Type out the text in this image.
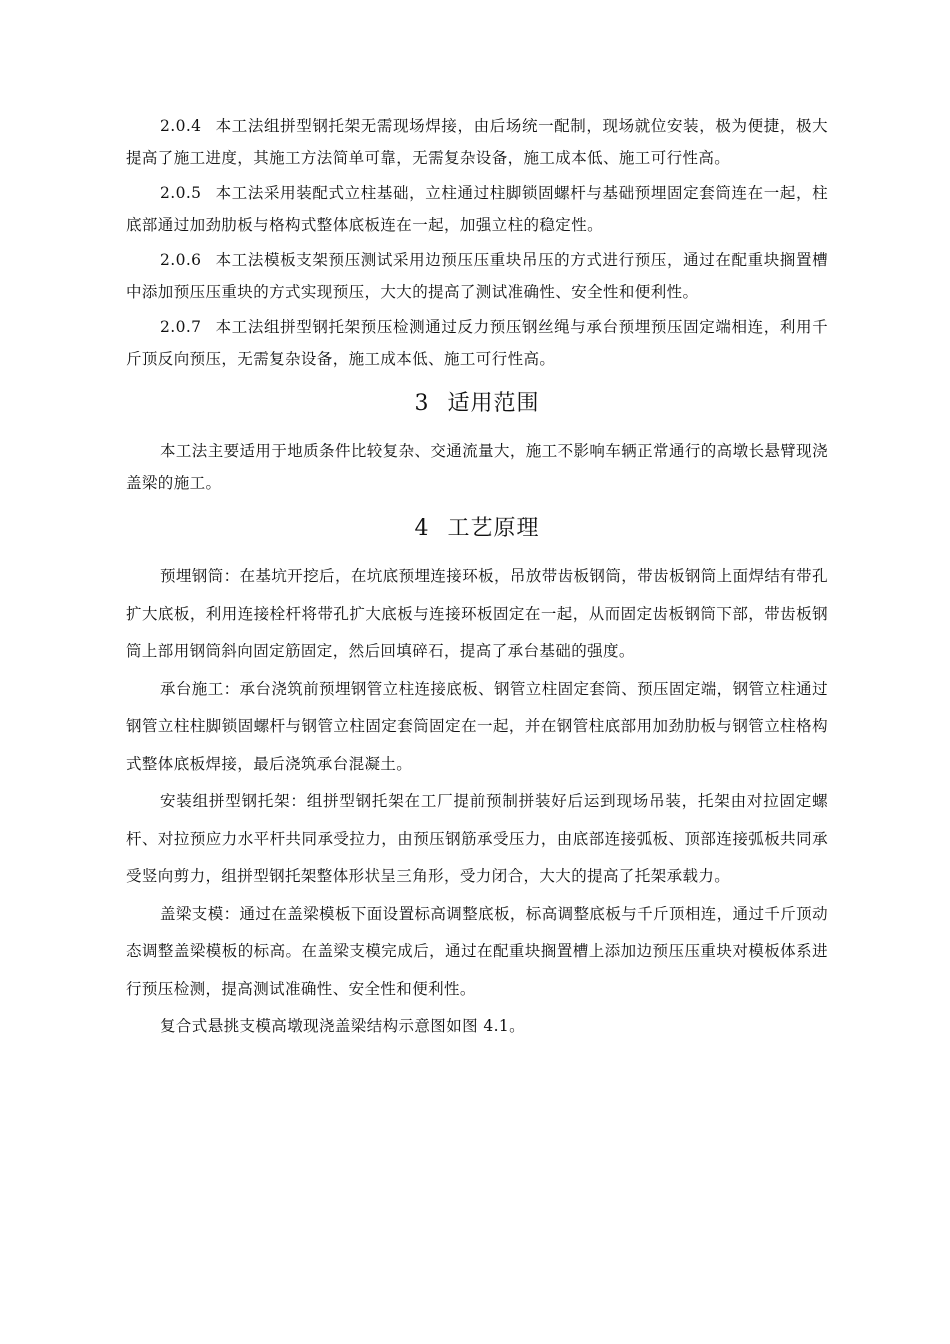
2.0.4 本工法组拼型钢托架无需现场焊接，由后场统一配制，现场就位安装，极为便捷，极大提高了施工进度，其施工方法简单可靠，无需复杂设备，施工成本低、施工可行性高。

2.0.5 本工法采用装配式立柱基础，立柱通过柱脚锁固螺杆与基础预埋固定套筒连在一起，柱底部通过加劲肋板与格构式整体底板连在一起，加强立柱的稳定性。

2.0.6 本工法模板支架预压测试采用边预压压重块吊压的方式进行预压，通过在配重块搁置槽中添加预压压重块的方式实现预压，大大的提高了测试准确性、安全性和便利性。

2.0.7 本工法组拼型钢托架预压检测通过反力预压钢丝绳与承台预埋预压固定端相连，利用千斤顶反向预压，无需复杂设备，施工成本低、施工可行性高。

3 适用范围

本工法主要适用于地质条件比较复杂、交通流量大，施工不影响车辆正常通行的高墩长悬臂现浇盖梁的施工。

4 工艺原理

预埋钢筒：在基坑开挖后，在坑底预埋连接环板，吊放带齿板钢筒，带齿板钢筒上面焊结有带孔扩大底板，利用连接栓杆将带孔扩大底板与连接环板固定在一起，从而固定齿板钢筒下部，带齿板钢筒上部用钢筒斜向固定筋固定，然后回填碎石，提高了承台基础的强度。

承台施工：承台浇筑前预埋钢管立柱连接底板、钢管立柱固定套筒、预压固定端，钢管立柱通过钢管立柱柱脚锁固螺杆与钢管立柱固定套筒固定在一起，并在钢管柱底部用加劲肋板与钢管立柱格构式整体底板焊接，最后浇筑承台混凝土。

安装组拼型钢托架：组拼型钢托架在工厂提前预制拼装好后运到现场吊装，托架由对拉固定螺杆、对拉预应力水平杆共同承受拉力，由预压钢筋承受压力，由底部连接弧板、顶部连接弧板共同承受竖向剪力，组拼型钢托架整体形状呈三角形，受力闭合，大大的提高了托架承载力。

盖梁支模：通过在盖梁模板下面设置标高调整底板，标高调整底板与千斤顶相连，通过千斤顶动态调整盖梁模板的标高。在盖梁支模完成后，通过在配重块搁置槽上添加边预压压重块对模板体系进行预压检测，提高测试准确性、安全性和便利性。

复合式悬挑支模高墩现浇盖梁结构示意图如图 4.1。
